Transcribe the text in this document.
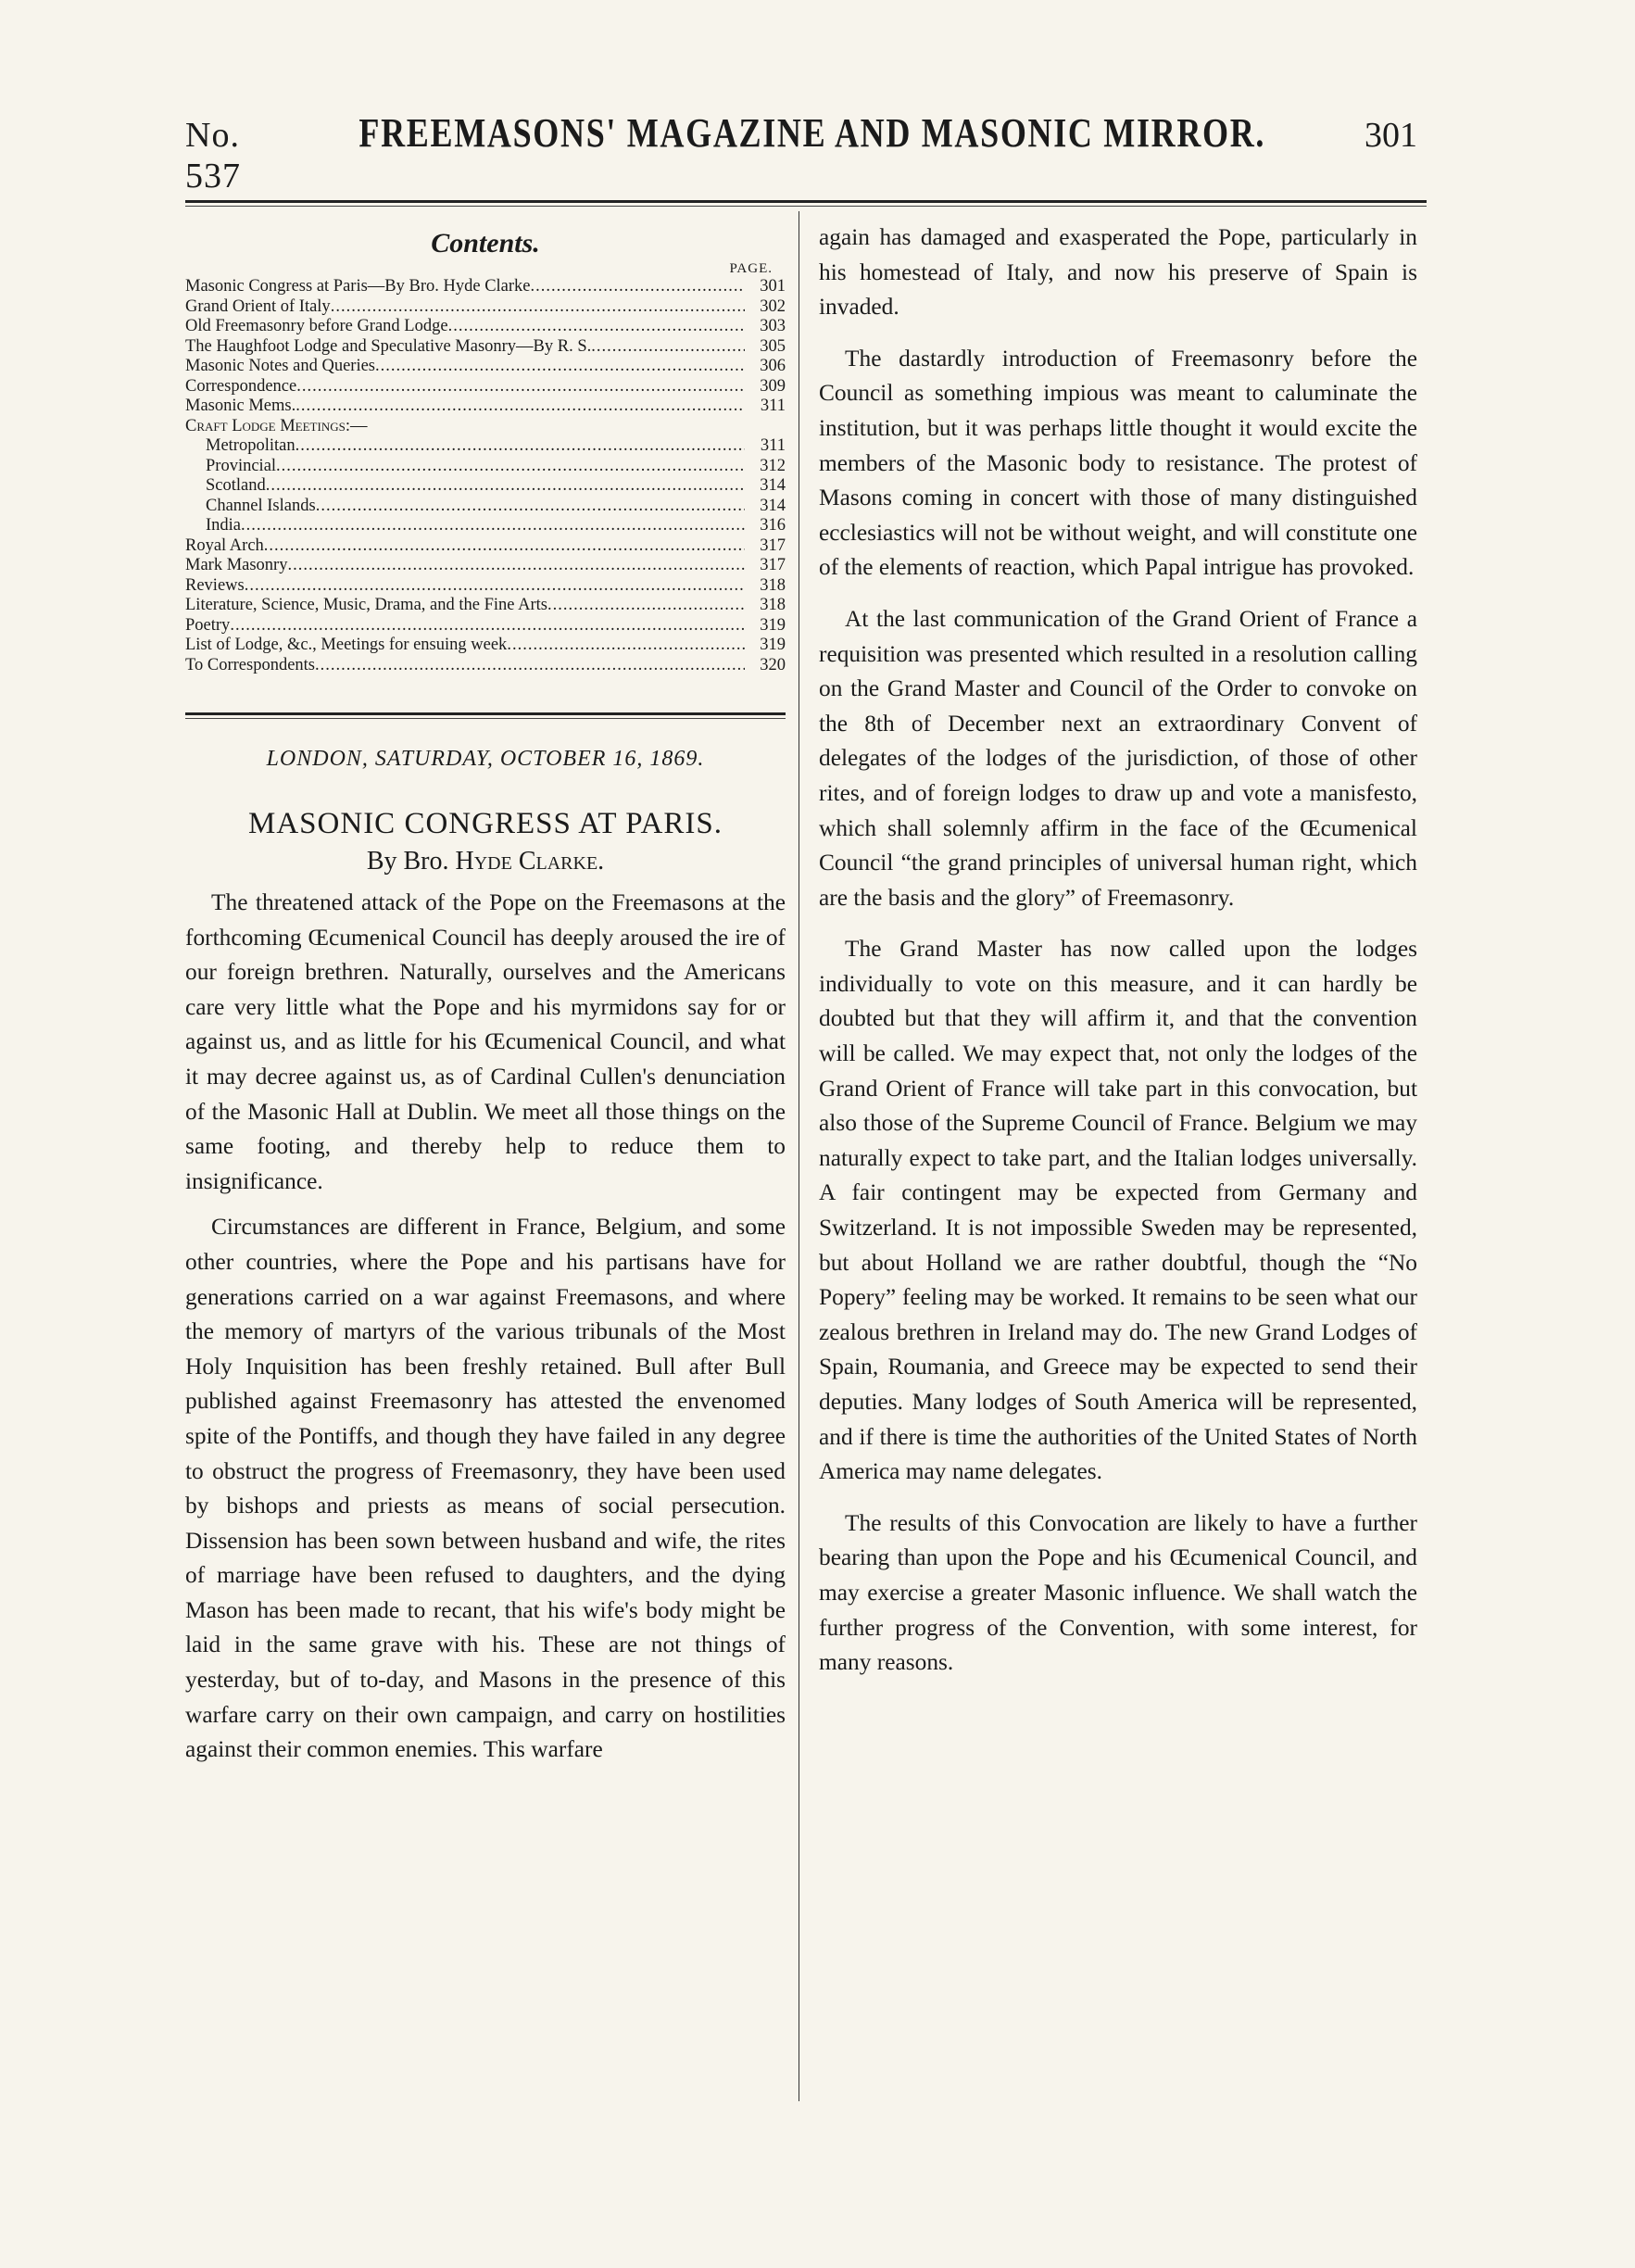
No. 537
FREEMASONS' MAGAZINE AND MASONIC MIRROR.	301
Contents.
PAGE.
Masonic Congress at Paris—By Bro. Hyde Clarke .....	301
Grand Orient of Italy .....	302
Old Freemasonry before Grand Lodge .....	303
The Haughfoot Lodge and Speculative Masonry—By R. S. .....	305
Masonic Notes and Queries .....	306
Correspondence .....	309
Masonic Mems. .....	311
Craft Lodge Meetings:—
Metropolitan .....	311
Provincial .....	312
Scotland .....	314
Channel Islands .....	314
India .....	316
Royal Arch .....	317
Mark Masonry .....	317
Reviews .....	318
Literature, Science, Music, Drama, and the Fine Arts .....	318
Poetry .....	319
List of Lodge, &c., Meetings for ensuing week .....	319
To Correspondents .....	320
LONDON, SATURDAY, OCTOBER 16, 1869.
MASONIC CONGRESS AT PARIS.
By Bro. Hyde Clarke.

The threatened attack of the Pope on the Freemasons at the forthcoming Œcumenical Council has deeply aroused the ire of our foreign brethren. Naturally, ourselves and the Americans care very little what the Pope and his myrmidons say for or against us, and as little for his Œcumenical Council, and what it may decree against us, as of Cardinal Cullen's denunciation of the Masonic Hall at Dublin. We meet all those things on the same footing, and thereby help to reduce them to insignificance.

Circumstances are different in France, Belgium, and some other countries, where the Pope and his partisans have for generations carried on a war against Freemasons, and where the memory of martyrs of the various tribunals of the Most Holy Inquisition has been freshly retained. Bull after Bull published against Freemasonry has attested the envenomed spite of the Pontiffs, and though they have failed in any degree to obstruct the progress of Freemasonry, they have been used by bishops and priests as means of social persecution. Dissension has been sown between husband and wife, the rites of marriage have been refused to daughters, and the dying Mason has been made to recant, that his wife's body might be laid in the same grave with his. These are not things of yesterday, but of to-day, and Masons in the presence of this warfare carry on their own campaign, and carry on hostilities against their common enemies. This warfare

again has damaged and exasperated the Pope, particularly in his homestead of Italy, and now his preserve of Spain is invaded.

The dastardly introduction of Freemasonry before the Council as something impious was meant to caluminate the institution, but it was perhaps little thought it would excite the members of the Masonic body to resistance. The protest of Masons coming in concert with those of many distinguished ecclesiastics will not be without weight, and will constitute one of the elements of reaction, which Papal intrigue has provoked.

At the last communication of the Grand Orient of France a requisition was presented which resulted in a resolution calling on the Grand Master and Council of the Order to convoke on the 8th of December next an extraordinary Convent of delegates of the lodges of the jurisdiction, of those of other rites, and of foreign lodges to draw up and vote a manisfesto, which shall solemnly affirm in the face of the Œcumenical Council “the grand principles of universal human right, which are the basis and the glory” of Freemasonry.

The Grand Master has now called upon the lodges individually to vote on this measure, and it can hardly be doubted but that they will affirm it, and that the convention will be called. We may expect that, not only the lodges of the Grand Orient of France will take part in this convocation, but also those of the Supreme Council of France. Belgium we may naturally expect to take part, and the Italian lodges universally. A fair contingent may be expected from Germany and Switzerland. It is not impossible Sweden may be represented, but about Holland we are rather doubtful, though the “No Popery” feeling may be worked. It remains to be seen what our zealous brethren in Ireland may do. The new Grand Lodges of Spain, Roumania, and Greece may be expected to send their deputies. Many lodges of South America will be represented, and if there is time the authorities of the United States of North America may name delegates.

The results of this Convocation are likely to have a further bearing than upon the Pope and his Œcumenical Council, and may exercise a greater Masonic influence. We shall watch the further progress of the Convention, with some interest, for many reasons.
